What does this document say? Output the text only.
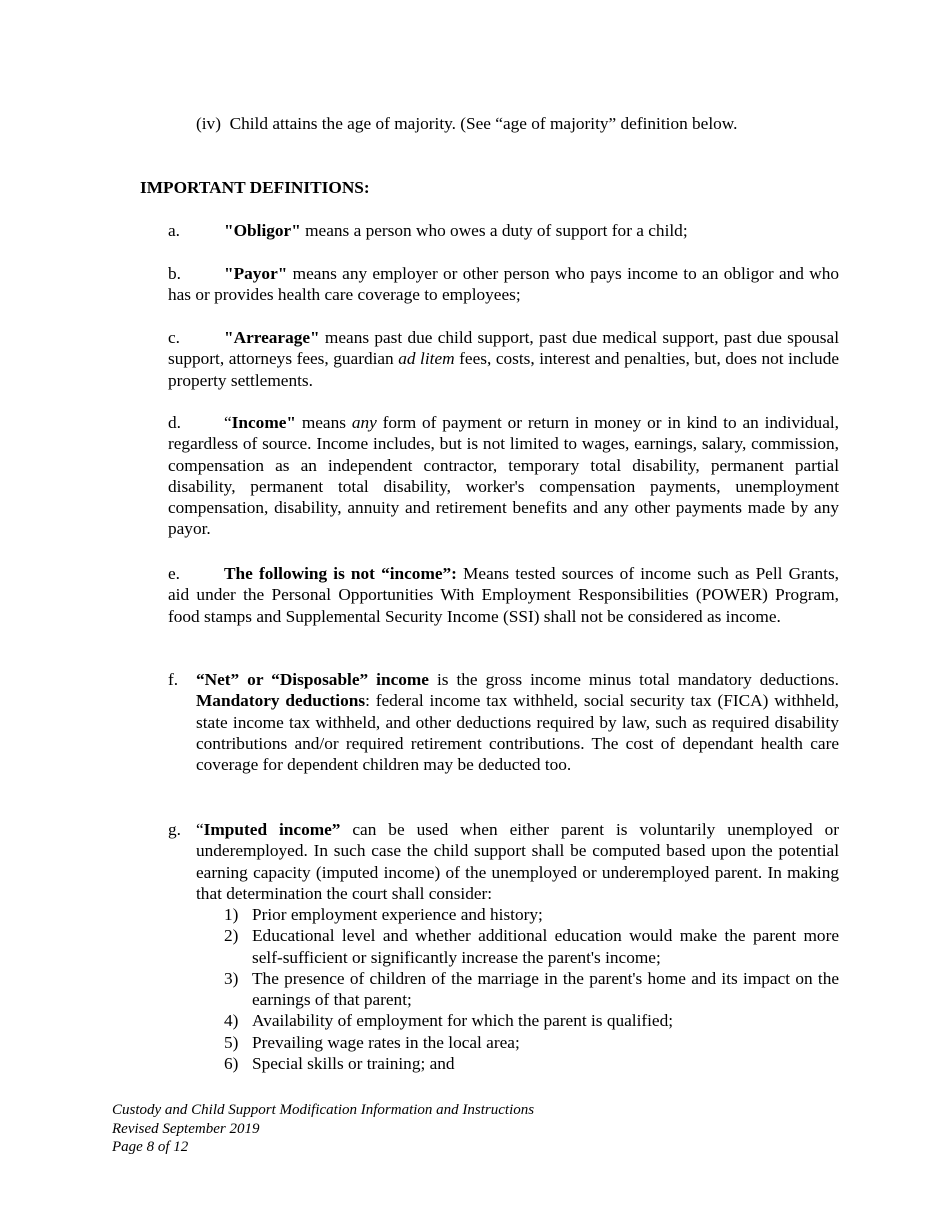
(iv) Child attains the age of majority. (See “age of majority” definition below.
IMPORTANT DEFINITIONS:
a.	"Obligor" means a person who owes a duty of support for a child;
b. "Payor" means any employer or other person who pays income to an obligor and who has or provides health care coverage to employees;
c.	"Arrearage" means past due child support, past due medical support, past due spousal support, attorneys fees, guardian ad litem fees, costs, interest and penalties, but, does not include property settlements.
d. “Income" means any form of payment or return in money or in kind to an individual, regardless of source. Income includes, but is not limited to wages, earnings, salary, commission, compensation as an independent contractor, temporary total disability, permanent partial disability, permanent total disability, worker's compensation payments, unemployment compensation, disability, annuity and retirement benefits and any other payments made by any payor.
e.	The following is not “income”: Means tested sources of income such as Pell Grants, aid under the Personal Opportunities With Employment Responsibilities (POWER) Program, food stamps and Supplemental Security Income (SSI) shall not be considered as income.
f. “Net” or “Disposable” income is the gross income minus total mandatory deductions. Mandatory deductions: federal income tax withheld, social security tax (FICA) withheld, state income tax withheld, and other deductions required by law, such as required disability contributions and/or required retirement contributions. The cost of dependant health care coverage for dependent children may be deducted too.
g. “Imputed income” can be used when either parent is voluntarily unemployed or underemployed. In such case the child support shall be computed based upon the potential earning capacity (imputed income) of the unemployed or underemployed parent. In making that determination the court shall consider:
1) Prior employment experience and history;
2) Educational level and whether additional education would make the parent more self-sufficient or significantly increase the parent's income;
3) The presence of children of the marriage in the parent's home and its impact on the earnings of that parent;
4) Availability of employment for which the parent is qualified;
5) Prevailing wage rates in the local area;
6) Special skills or training; and
Custody and Child Support Modification Information and Instructions
Revised September 2019
Page 8 of 12
